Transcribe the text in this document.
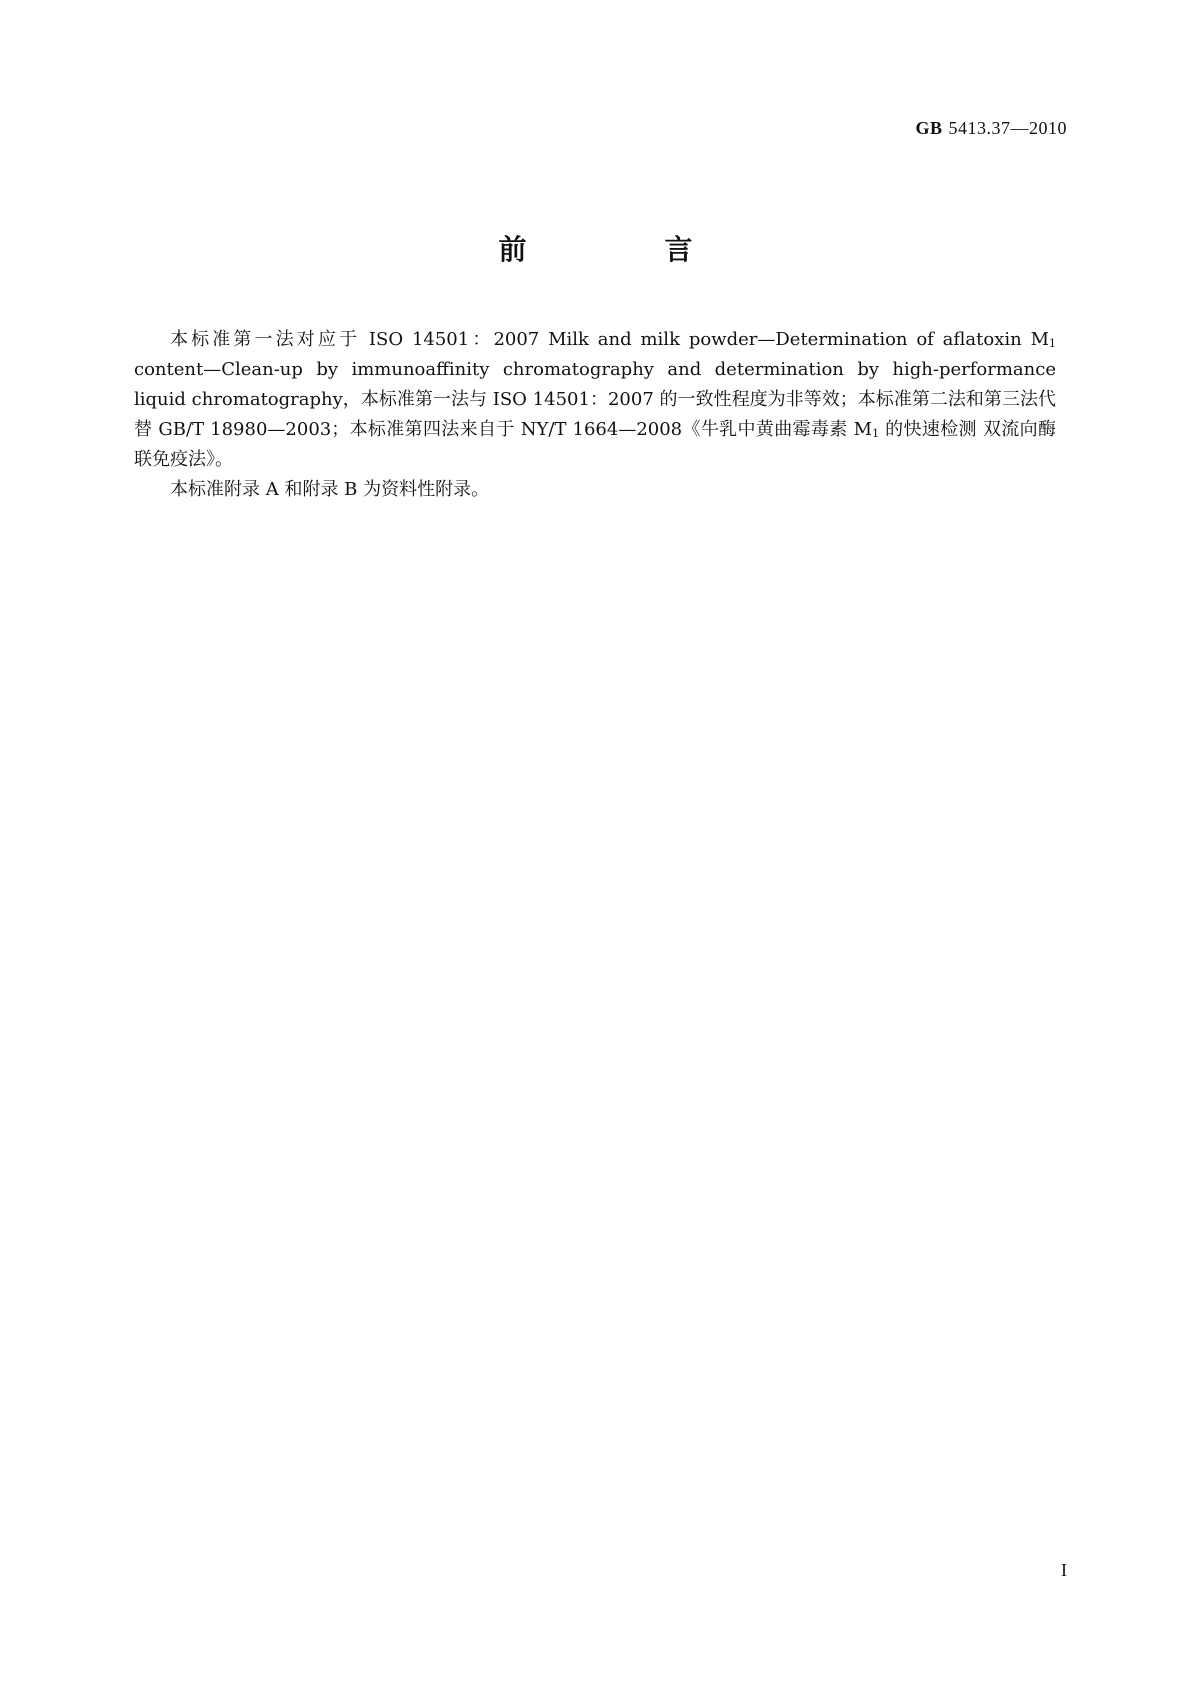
GB 5413.37—2010
前　言

本标准第一法对应于 ISO 14501：2007 Milk and milk powder—Determination of aflatoxin $M_1$ content—Clean-up by immunoaffinity chromatography and determination by high-performance liquid chromatography，本标准第一法与 ISO 14501：2007 的一致性程度为非等效；本标准第二法和第三法代替 GB/T 18980—2003；本标准第四法来自于 NY/T 1664—2008《牛乳中黄曲霉毒素 $M_1$ 的快速检测 双流向酶联免疫法》。

本标准附录 A 和附录 B 为资料性附录。

I
